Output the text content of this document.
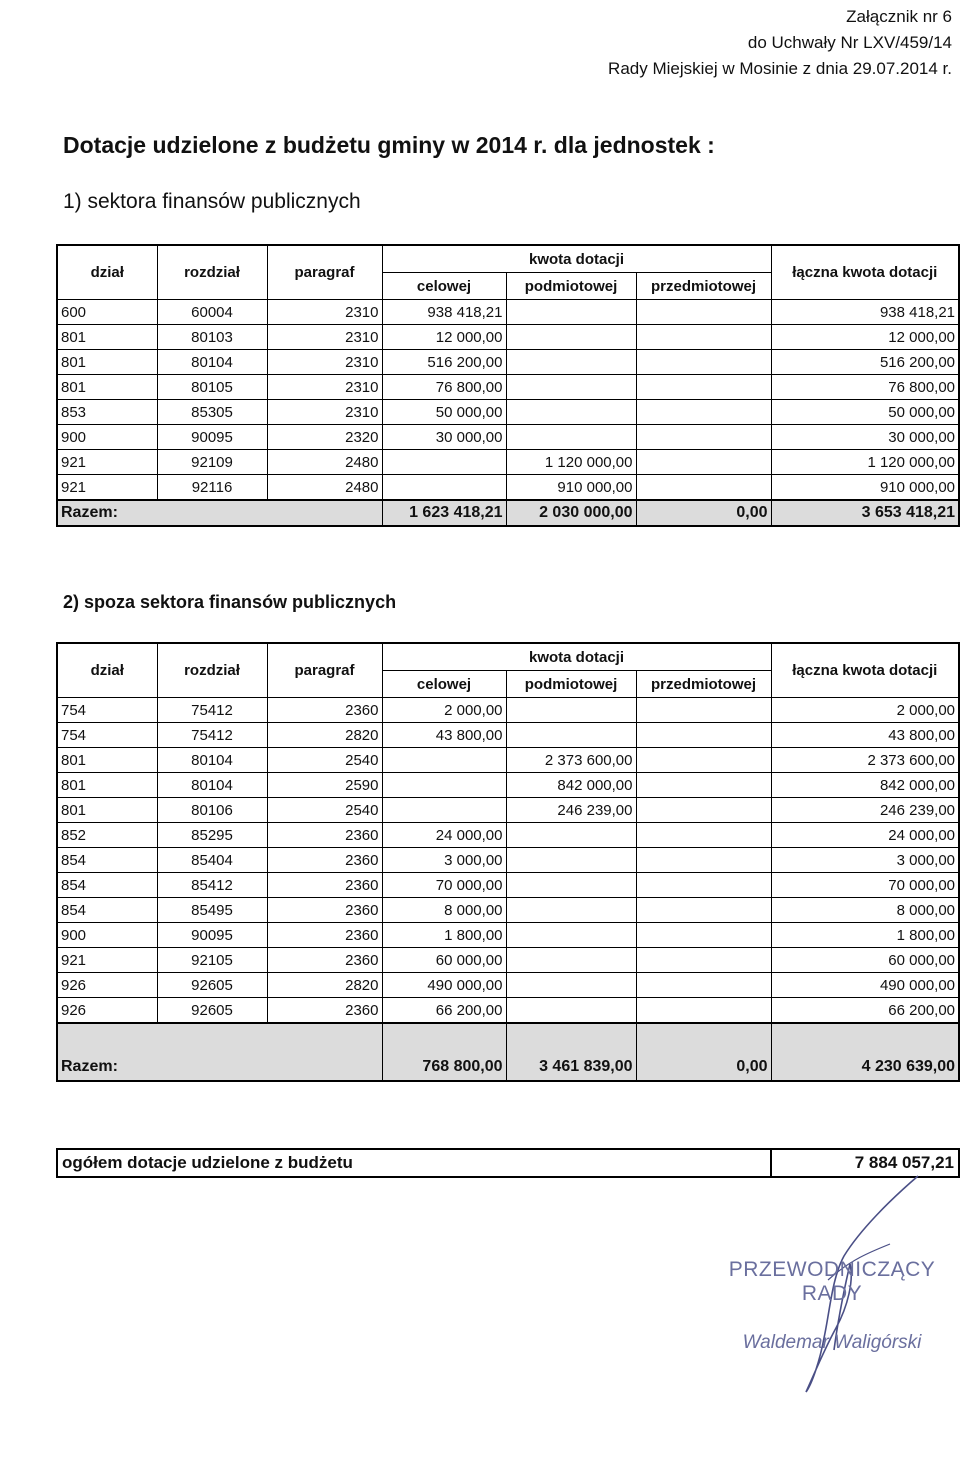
Załącznik nr 6
do Uchwały Nr LXV/459/14
Rady Miejskiej w Mosinie z dnia 29.07.2014 r.
Dotacje udzielone z budżetu gminy w 2014 r. dla jednostek :
1) sektora finansów publicznych
dział	rozdział	paragraf	kwota dotacji			łączna kwota dotacji
			celowej	podmiotowej	przedmiotowej	
600	60004	2310	938 418,21			938 418,21
801	80103	2310	12 000,00			12 000,00
801	80104	2310	516 200,00			516 200,00
801	80105	2310	76 800,00			76 800,00
853	85305	2310	50 000,00			50 000,00
900	90095	2320	30 000,00			30 000,00
921	92109	2480		1 120 000,00		1 120 000,00
921	92116	2480		910 000,00		910 000,00
Razem:			1 623 418,21	2 030 000,00	0,00	3 653 418,21
2) spoza sektora finansów publicznych
dział	rozdział	paragraf	kwota dotacji			łączna kwota dotacji
			celowej	podmiotowej	przedmiotowej	
754	75412	2360	2 000,00			2 000,00
754	75412	2820	43 800,00			43 800,00
801	80104	2540		2 373 600,00		2 373 600,00
801	80104	2590		842 000,00		842 000,00
801	80106	2540		246 239,00		246 239,00
852	85295	2360	24 000,00			24 000,00
854	85404	2360	3 000,00			3 000,00
854	85412	2360	70 000,00			70 000,00
854	85495	2360	8 000,00			8 000,00
900	90095	2360	1 800,00			1 800,00
921	92105	2360	60 000,00			60 000,00
926	92605	2820	490 000,00			490 000,00
926	92605	2360	66 200,00			66 200,00
Razem:			768 800,00	3 461 839,00	0,00	4 230 639,00
ogółem dotacje udzielone z budżetu	7 884 057,21
PRZEWODNICZĄCY RADY
Waldemar Waligórski
